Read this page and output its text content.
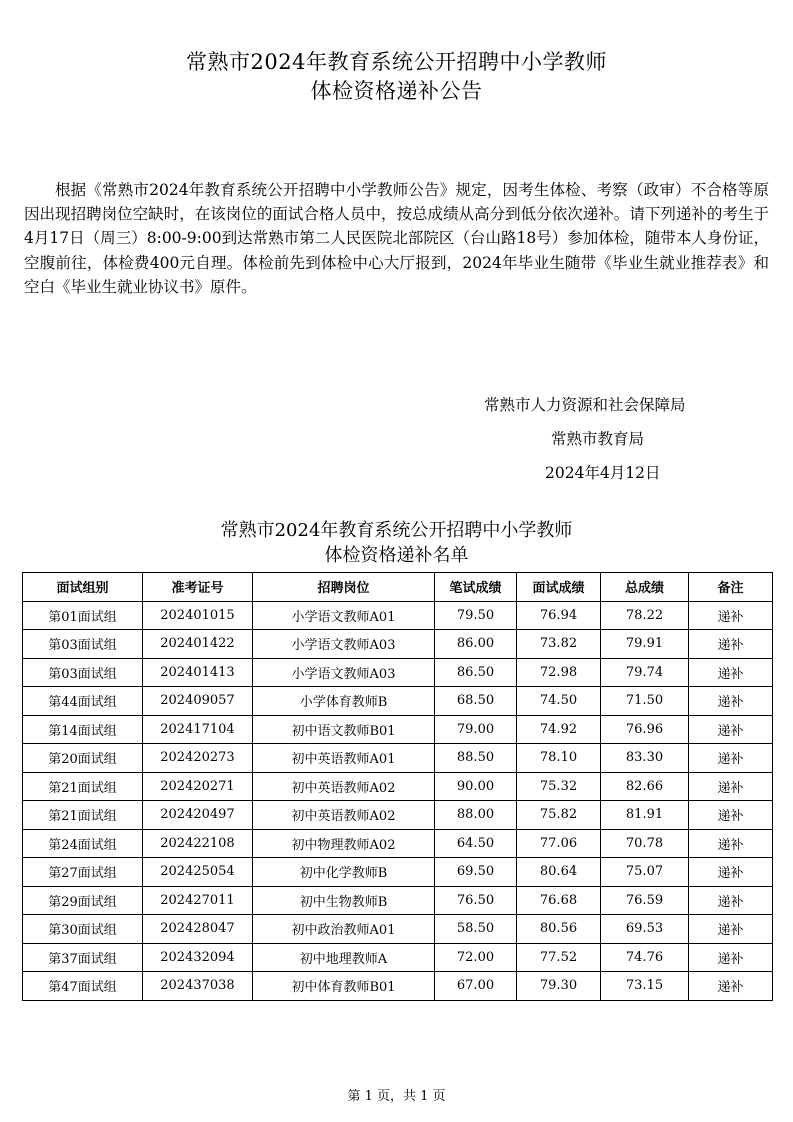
常熟市2024年教育系统公开招聘中小学教师
体检资格递补公告
根据《常熟市2024年教育系统公开招聘中小学教师公告》规定，因考生体检、考察（政审）不合格等原因出现招聘岗位空缺时，在该岗位的面试合格人员中，按总成绩从高分到低分依次递补。请下列递补的考生于4月17日（周三）8:00-9:00到达常熟市第二人民医院北部院区（台山路18号）参加体检，随带本人身份证，空腹前往，体检费400元自理。体检前先到体检中心大厅报到，2024年毕业生随带《毕业生就业推荐表》和空白《毕业生就业协议书》原件。
常熟市人力资源和社会保障局
常熟市教育局
2024年4月12日
常熟市2024年教育系统公开招聘中小学教师
体检资格递补名单
面试组别	准考证号	招聘岗位	笔试成绩	面试成绩	总成绩	备注
第01面试组	202401015	小学语文教师A01	79.50	76.94	78.22	递补
第03面试组	202401422	小学语文教师A03	86.00	73.82	79.91	递补
第03面试组	202401413	小学语文教师A03	86.50	72.98	79.74	递补
第44面试组	202409057	小学体育教师B	68.50	74.50	71.50	递补
第14面试组	202417104	初中语文教师B01	79.00	74.92	76.96	递补
第20面试组	202420273	初中英语教师A01	88.50	78.10	83.30	递补
第21面试组	202420271	初中英语教师A02	90.00	75.32	82.66	递补
第21面试组	202420497	初中英语教师A02	88.00	75.82	81.91	递补
第24面试组	202422108	初中物理教师A02	64.50	77.06	70.78	递补
第27面试组	202425054	初中化学教师B	69.50	80.64	75.07	递补
第29面试组	202427011	初中生物教师B	76.50	76.68	76.59	递补
第30面试组	202428047	初中政治教师A01	58.50	80.56	69.53	递补
第37面试组	202432094	初中地理教师A	72.00	77.52	74.76	递补
第47面试组	202437038	初中体育教师B01	67.00	79.30	73.15	递补
第 1 页，共 1 页
